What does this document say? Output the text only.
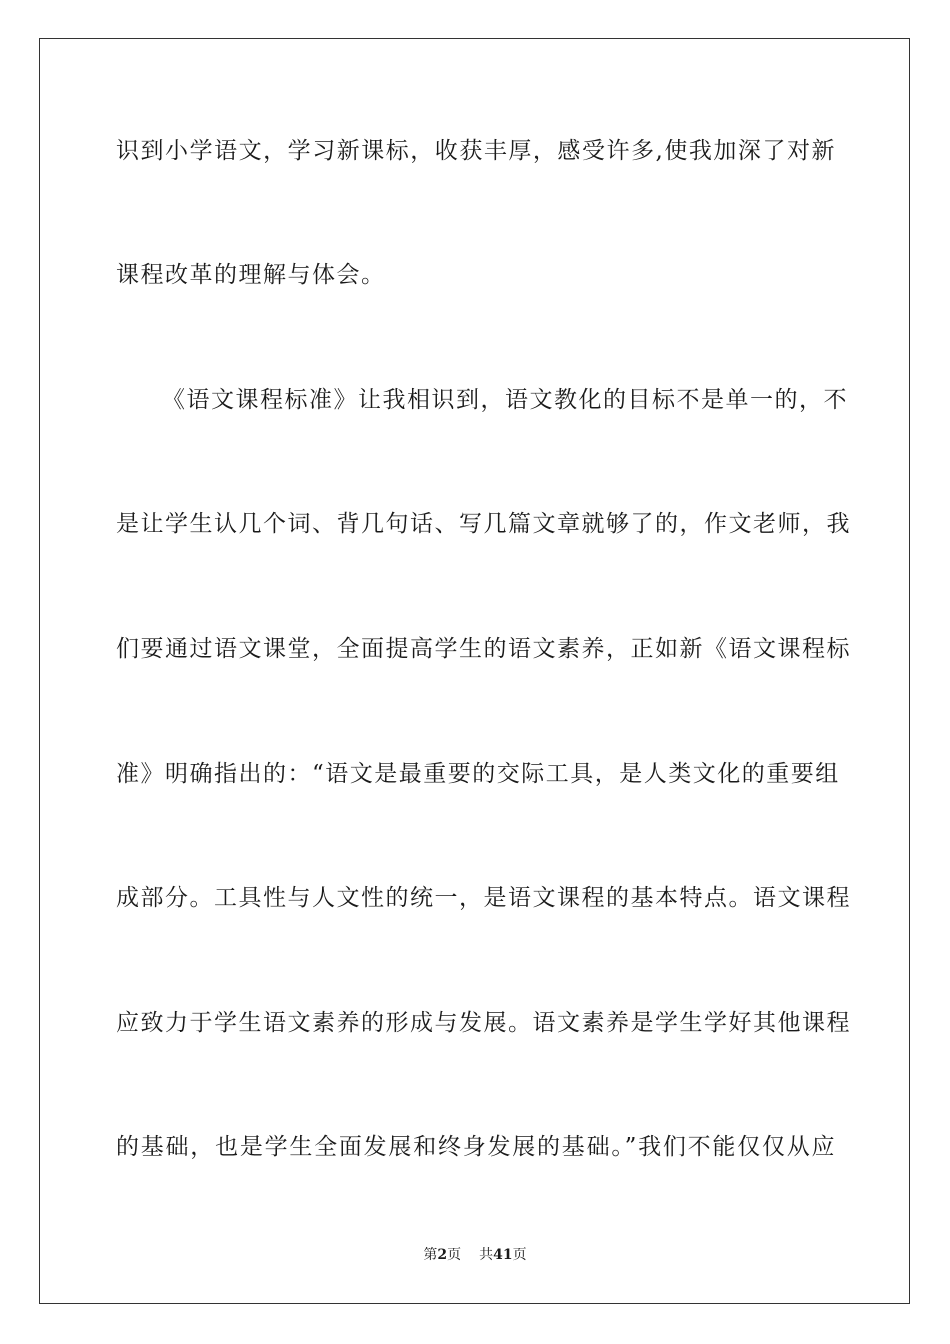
识到小学语文，学习新课标，收获丰厚，感受许多,使我加深了对新
课程改革的理解与体会。
《语文课程标准》让我相识到，语文教化的目标不是单一的，不
是让学生认几个词、背几句话、写几篇文章就够了的，作文老师，我
们要通过语文课堂，全面提高学生的语文素养，正如新《语文课程标
准》明确指出的：“语文是最重要的交际工具，是人类文化的重要组
成部分。工具性与人文性的统一，是语文课程的基本特点。语文课程
应致力于学生语文素养的形成与发展。语文素养是学生学好其他课程
的基础，也是学生全面发展和终身发展的基础。”我们不能仅仅从应
第2页 共41页
